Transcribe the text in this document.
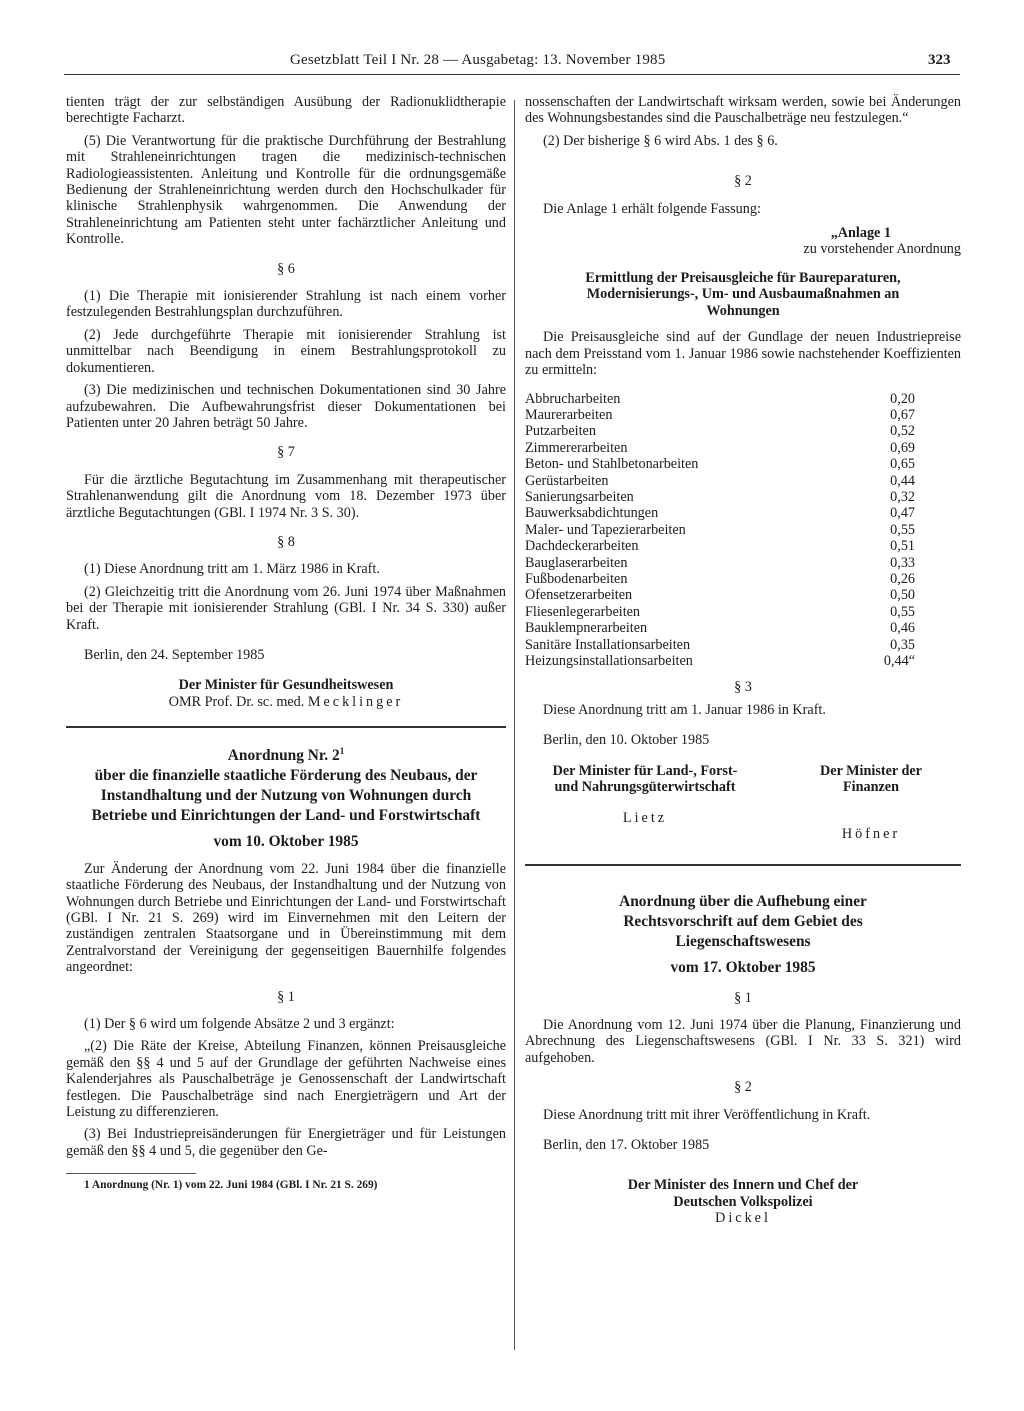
Gesetzblatt Teil I Nr. 28 — Ausgabetag: 13. November 1985	323

tienten trägt der zur selbständigen Ausübung der Radionuklidtherapie berechtigte Facharzt.

(5) Die Verantwortung für die praktische Durchführung der Bestrahlung mit Strahleneinrichtungen tragen die medizinisch-technischen Radiologieassistenten. Anleitung und Kontrolle für die ordnungsgemäße Bedienung der Strahleneinrichtung werden durch den Hochschulkader für klinische Strahlenphysik wahrgenommen. Die Anwendung der Strahleneinrichtung am Patienten steht unter fachärztlicher Anleitung und Kontrolle.

§ 6

(1) Die Therapie mit ionisierender Strahlung ist nach einem vorher festzulegenden Bestrahlungsplan durchzuführen.

(2) Jede durchgeführte Therapie mit ionisierender Strahlung ist unmittelbar nach Beendigung in einem Bestrahlungsprotokoll zu dokumentieren.

(3) Die medizinischen und technischen Dokumentationen sind 30 Jahre aufzubewahren. Die Aufbewahrungsfrist dieser Dokumentationen bei Patienten unter 20 Jahren beträgt 50 Jahre.

§ 7

Für die ärztliche Begutachtung im Zusammenhang mit therapeutischer Strahlenanwendung gilt die Anordnung vom 18. Dezember 1973 über ärztliche Begutachtungen (GBl. I 1974 Nr. 3 S. 30).

§ 8

(1) Diese Anordnung tritt am 1. März 1986 in Kraft.

(2) Gleichzeitig tritt die Anordnung vom 26. Juni 1974 über Maßnahmen bei der Therapie mit ionisierender Strahlung (GBl. I Nr. 34 S. 330) außer Kraft.

Berlin, den 24. September 1985

Der Minister für Gesundheitswesen
OMR Prof. Dr. sc. med. Mecklinger
Anordnung Nr. $2^1$
über die finanzielle staatliche Förderung des Neubaus, der Instandhaltung und der Nutzung von Wohnungen durch Betriebe und Einrichtungen der Land- und Forstwirtschaft
vom 10. Oktober 1985

Zur Änderung der Anordnung vom 22. Juni 1984 über die finanzielle staatliche Förderung des Neubaus, der Instandhaltung und der Nutzung von Wohnungen durch Betriebe und Einrichtungen der Land- und Forstwirtschaft (GBl. I Nr. 21 S. 269) wird im Einvernehmen mit den Leitern der zuständigen zentralen Staatsorgane und in Übereinstimmung mit dem Zentralvorstand der Vereinigung der gegenseitigen Bauernhilfe folgendes angeordnet:

§ 1

(1) Der § 6 wird um folgende Absätze 2 und 3 ergänzt:

„(2) Die Räte der Kreise, Abteilung Finanzen, können Preisausgleiche gemäß den §§ 4 und 5 auf der Grundlage der geführten Nachweise eines Kalenderjahres als Pauschalbeträge je Genossenschaft der Landwirtschaft festlegen. Die Pauschalbeträge sind nach Energieträgern und Art der Leistung zu differenzieren.

(3) Bei Industriepreisänderungen für Energieträger und für Leistungen gemäß den §§ 4 und 5, die gegenüber den Ge-

1 Anordnung (Nr. 1) vom 22. Juni 1984 (GBl. I Nr. 21 S. 269)

nossenschaften der Landwirtschaft wirksam werden, sowie bei Änderungen des Wohnungsbestandes sind die Pauschalbeträge neu festzulegen.“

(2) Der bisherige § 6 wird Abs. 1 des § 6.

§ 2

Die Anlage 1 erhält folgende Fassung:

„Anlage 1
zu vorstehender Anordnung
Ermittlung der Preisausgleiche für Baureparaturen, Modernisierungs-, Um- und Ausbaumaßnahmen an Wohnungen

Die Preisausgleiche sind auf der Gundlage der neuen Industriepreise nach dem Preisstand vom 1. Januar 1986 sowie nachstehender Koeffizienten zu ermitteln:

Abbrucharbeiten	0,20
Maurerarbeiten	0,67
Putzarbeiten	0,52
Zimmererarbeiten	0,69
Beton- und Stahlbetonarbeiten	0,65
Gerüstarbeiten	0,44
Sanierungsarbeiten	0,32
Bauwerksabdichtungen	0,47
Maler- und Tapezierarbeiten	0,55
Dachdeckerarbeiten	0,51
Bauglaserarbeiten	0,33
Fußbodenarbeiten	0,26
Ofensetzerarbeiten	0,50
Fliesenlegerarbeiten	0,55
Bauklempnerarbeiten	0,46
Sanitäre Installationsarbeiten	0,35
Heizungsinstallationsarbeiten	0,44“
§ 3

Diese Anordnung tritt am 1. Januar 1986 in Kraft.

Berlin, den 10. Oktober 1985

Der Minister für Land-, Forst- und Nahrungsgüterwirtschaft
Lietz
Der Minister der Finanzen
Höfner
Anordnung über die Aufhebung einer Rechtsvorschrift auf dem Gebiet des Liegenschaftswesens
vom 17. Oktober 1985
§ 1

Die Anordnung vom 12. Juni 1974 über die Planung, Finanzierung und Abrechnung des Liegenschaftswesens (GBl. I Nr. 33 S. 321) wird aufgehoben.

§ 2

Diese Anordnung tritt mit ihrer Veröffentlichung in Kraft.

Berlin, den 17. Oktober 1985

Der Minister des Innern und Chef der Deutschen Volkspolizei
Dickel
